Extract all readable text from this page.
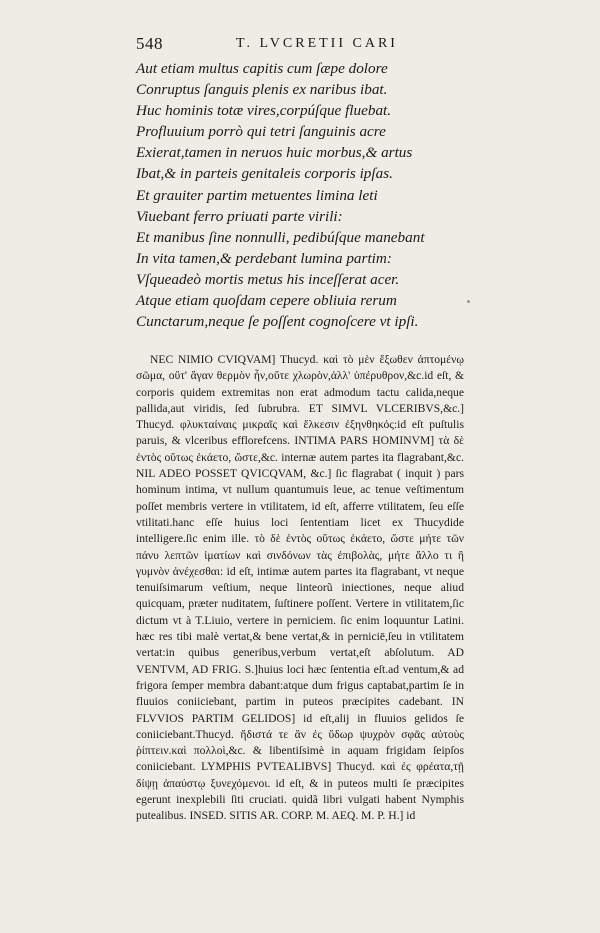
548	T. LVCRETII CARI
Aut etiam multus capitis cum ſæpe dolore
Conruptus ſanguis plenis ex naribus ibat.
Huc hominis totæ vires,corpúſque fluebat.
Profluuium porrò qui tetri ſanguinis acre
Exierat,tamen in neruos huic morbus,& artus
Ibat,& in parteis genitaleis corporis ipſas.
Et grauiter partim metuentes limina leti
Viuebant ferro priuati parte virili:
Et manibus ſine nonnulli, pedibúſque manebant
In vita tamen,& perdebant lumina partim:
Vſqueadeò mortis metus his inceſſerat acer.
Atque etiam quoſdam cepere obliuia rerum
Cunctarum,neque ſe poſſent cognoſcere vt ipſi.
NEC NIMIO CVIQVAM] Thucyd. καὶ τὸ μὲν ἔξωθεν ἁπτομένῳ σῶμα, οὔτ' ἄγαν θερμὸν ἦν,οὔτε χλωρὸν,ἀλλ' ὑπέρυθρον,&c.id eſt, & corporis quidem extremitas non erat admodum tactu calida,neque pallida,aut viridis, ſed ſubrubra. ET SIMVL VLCERIBVS,&c.] Thucyd. φλυκταίναις μικραῖς καὶ ἕλκεσιν ἐξηνθηκός:id eſt puſtulis paruis, & vlceribus efflorefcens. INTIMA PARS HOMINVM] τὰ δὲ ἐντὸς οὕτως ἐκάετο, ὥστε,&c. internæ autem partes ita flagrabant,&c. NIL ADEO POSSET QVICQVAM, &c.] ſic flagrabat ( inquit ) pars hominum intima, vt nullum quantumuis leue, ac tenue veſtimentum poſſet membris vertere in vtilitatem, id eſt, afferre vtilitatem, ſeu eſſe vtilitati.hanc eſſe huius loci ſententiam licet ex Thucydide intelligere.ſic enim ille. τὸ δὲ ἐντὸς οὕτως ἐκάετο, ὥστε μήτε τῶν πάνυ λεπτῶν ἱματίων καὶ σινδόνων τὰς ἐπιβολὰς, μήτε ἄλλο τι ἢ γυμνὸν ἀνέχεσθαι: id eſt, intimæ autem partes ita flagrabant, vt neque tenuiſsimarum veſtium, neque linteorũ iniectiones, neque aliud quicquam, præter nuditatem, ſuſtinere poſſent. Vertere in vtilitatem,ſic dictum vt à T.Liuio, vertere in perniciem. ſic enim loquuntur Latini. hæc res tibi malè vertat,& bene vertat,& in perniciē,ſeu in vtilitatem vertat:in quibus generibus,verbum vertat,eſt abſolutum. AD VENTVM, AD FRIG. S.]huius loci hæc ſententia eſt.ad ventum,& ad frigora ſemper membra dabant:atque dum frigus captabat,partim ſe in fluuios coniiciebant, partim in puteos præcipites cadebant. IN FLVVIOS PARTIM GELIDOS] id eſt,alij in fluuios gelidos ſe coniiciebant.Thucyd. ἥδιστά τε ἂν ἐς ὕδωρ ψυχρὸν σφᾶς αὐτοὺς ῥίπτειν.καὶ πολλοὶ,&c. & libentiſsimè in aquam frigidam ſeipſos coniiciebant. LYMPHIS PVTEALIBVS] Thucyd. καὶ ἐς φρέατα,τῇ δίψῃ ἀπαύστῳ ξυνεχόμενοι. id eſt, & in puteos multi ſe præcipites egerunt inexplebili ſiti cruciati. quidã libri vulgati habent Nymphis putealibus. INSED. SITIS AR. CORP. M. AEQ. M. P. H.] id
